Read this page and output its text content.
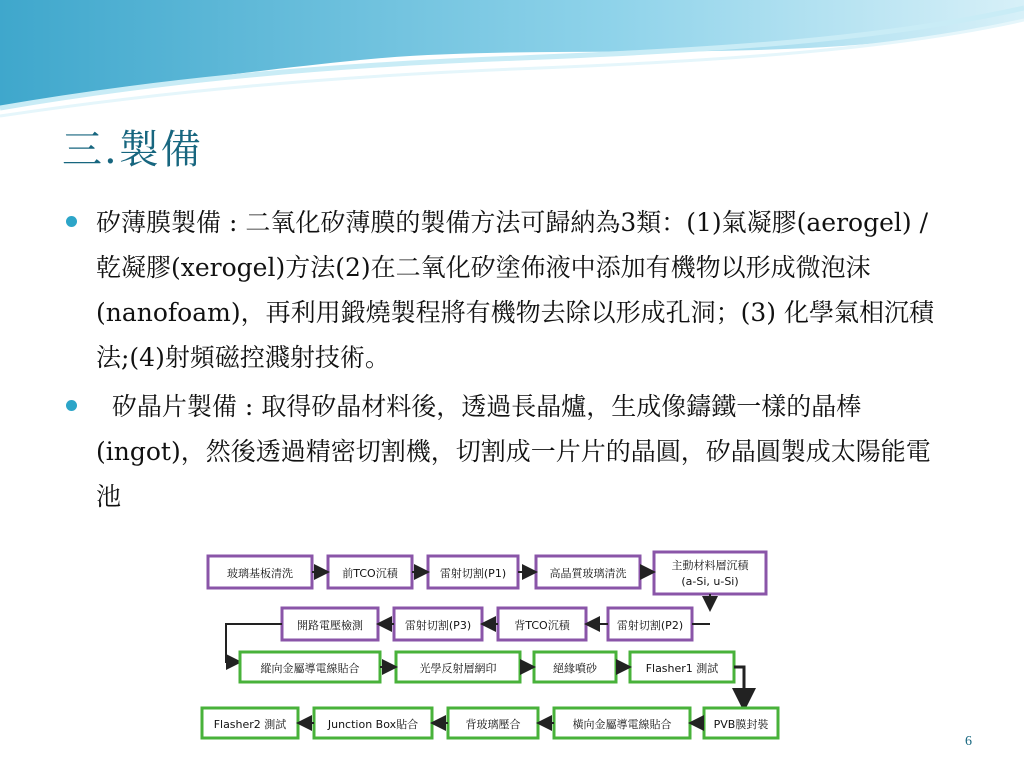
三.製備
矽薄膜製備 : 二氧化矽薄膜的製備方法可歸納為3類：(1)氣凝膠(aerogel) / 乾凝膠(xerogel)方法(2)在二氧化矽塗佈液中添加有機物以形成微泡沫(nanofoam)，再利用鍛燒製程將有機物去除以形成孔洞；(3) 化學氣相沉積法;(4)射頻磁控濺射技術。
矽晶片製備 : 取得矽晶材料後，透過長晶爐，生成像鑄鐵一樣的晶棒(ingot)，然後透過精密切割機，切割成一片片的晶圓，矽晶圓製成太陽能電池
玻璃基板清洗	前TCO沉積	雷射切割(P1)	高晶質玻璃清洗
主動材料層沉積
(a-Si, u-Si)
開路電壓檢測	雷射切割(P3)	背TCO沉積	雷射切割(P2)
縱向金屬導電線貼合	光學反射層網印	絕緣噴砂	Flasher1 測試
Flasher2 測試	Junction Box貼合	背玻璃壓合	橫向金屬導電線貼合	PVB膜封裝
6
